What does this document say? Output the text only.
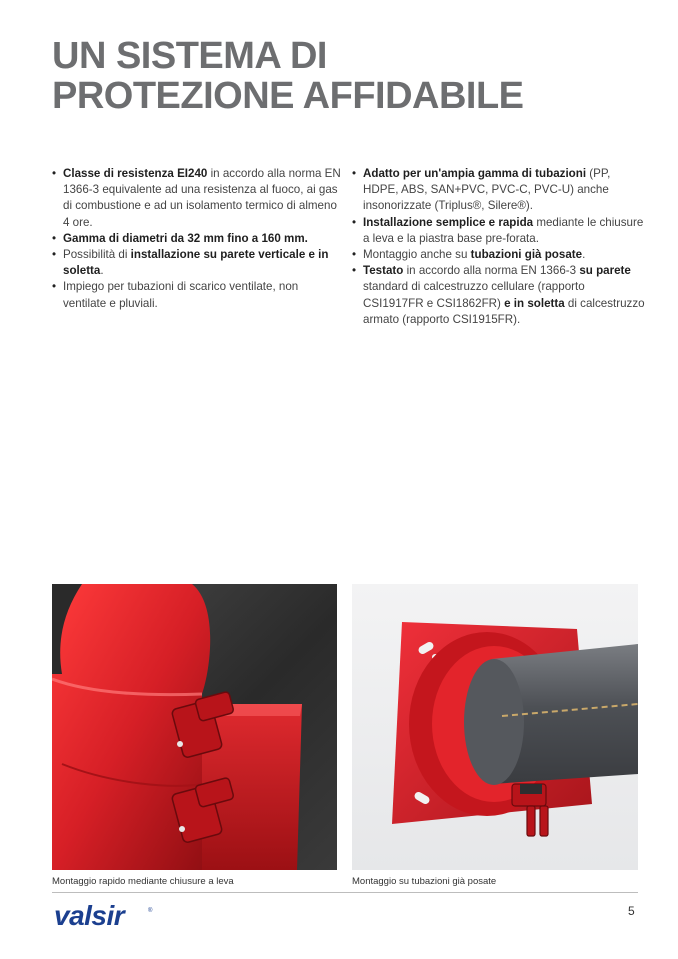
UN SISTEMA DI
PROTEZIONE AFFIDABILE
• Classe di resistenza EI240 in accordo alla norma EN 1366-3 equivalente ad una resistenza al fuoco, ai gas di combustione e ad un isolamento termico di almeno 4 ore.
• Gamma di diametri da 32 mm fino a 160 mm.
• Possibilità di installazione su parete verticale e in soletta.
• Impiego per tubazioni di scarico ventilate, non ventilate e pluviali.
• Adatto per un'ampia gamma di tubazioni (PP, HDPE, ABS, SAN+PVC, PVC-C, PVC-U) anche insonorizzate (Triplus®, Silere®).
• Installazione semplice e rapida mediante le chiusure a leva e la piastra base pre-forata.
• Montaggio anche su tubazioni già posate.
• Testato in accordo alla norma EN 1366-3 su parete standard di calcestruzzo cellulare (rapporto CSI1917FR e CSI1862FR) e in soletta di calcestruzzo armato (rapporto CSI1915FR).
Montaggio rapido mediante chiusure a leva	Montaggio su tubazioni già posate
valsir	®	5
